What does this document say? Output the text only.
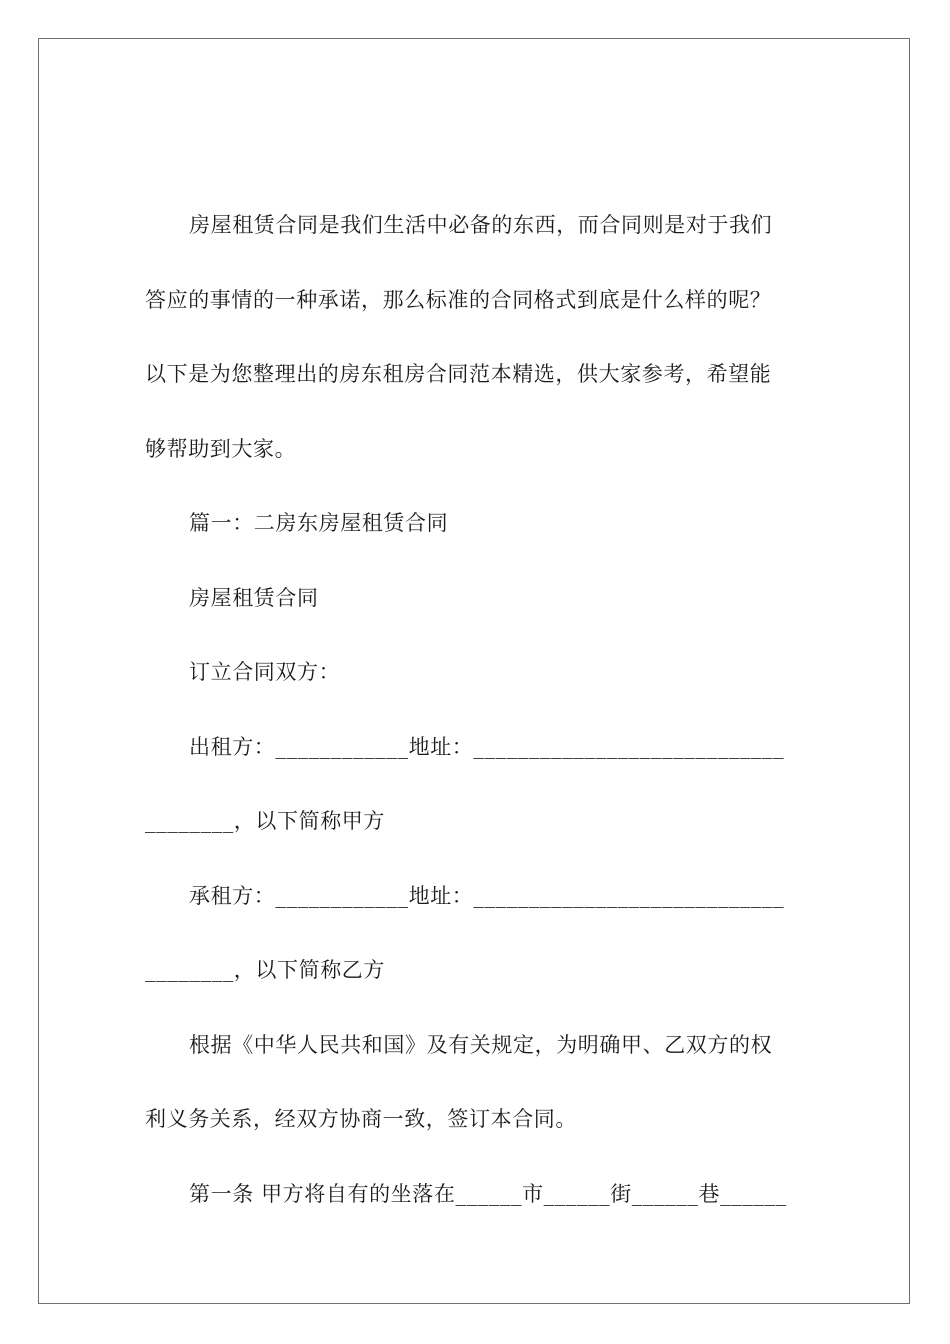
房屋租赁合同是我们生活中必备的东西，而合同则是对于我们
答应的事情的一种承诺，那么标准的合同格式到底是什么样的呢？
以下是为您整理出的房东租房合同范本精选，供大家参考，希望能
够帮助到大家。
篇一：二房东房屋租赁合同
房屋租赁合同
订立合同双方：
出租方：____________地址：____________________________
________，以下简称甲方
承租方：____________地址：____________________________
________，以下简称乙方
根据《中华人民共和国》及有关规定，为明确甲、乙双方的权
利义务关系，经双方协商一致，签订本合同。
第一条 甲方将自有的坐落在______市______街______巷______
